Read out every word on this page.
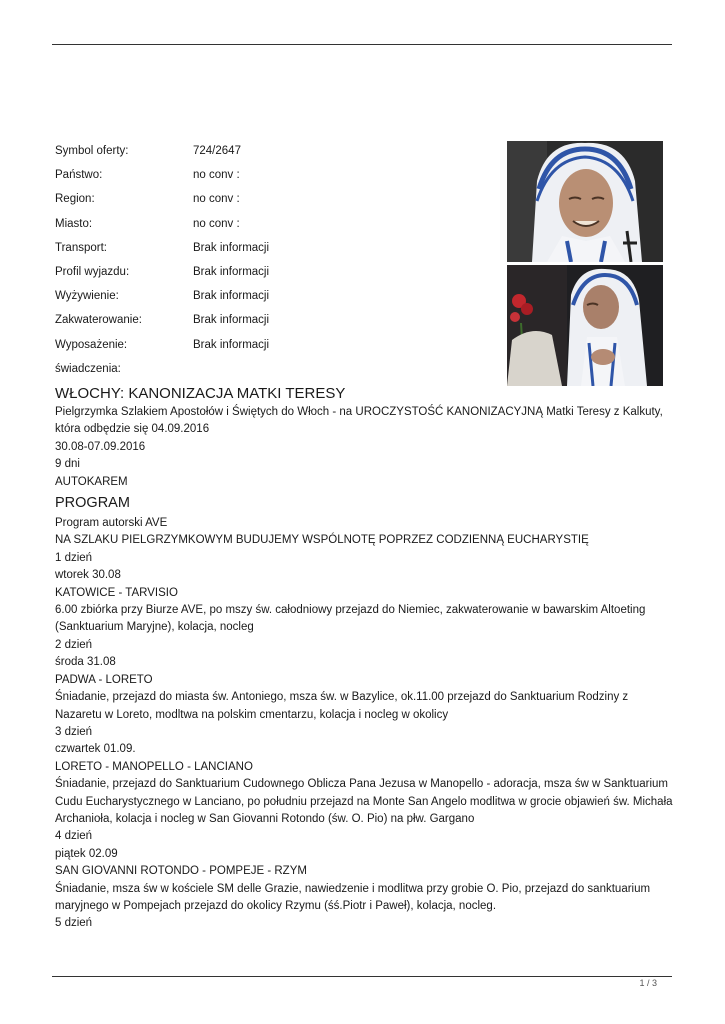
Symbol oferty:	724/2647
Państwo:	no conv :
Region:	no conv :
Miasto:	no conv :
Transport:	Brak informacji
Profil wyjazdu:	Brak informacji
Wyżywienie:	Brak informacji
Zakwaterowanie:	Brak informacji
Wyposażenie:	Brak informacji
świadczenia:
WŁOCHY: KANONIZACJA MATKI TERESY

Pielgrzymka Szlakiem Apostołów i Świętych do Włoch - na UROCZYSTOŚĆ KANONIZACYJNĄ Matki Teresy z Kalkuty, która odbędzie się 04.09.2016

30.08-07.09.2016

9 dni

AUTOKAREM

PROGRAM

Program autorski AVE

NA SZLAKU PIELGRZYMKOWYM BUDUJEMY WSPÓLNOTĘ POPRZEZ CODZIENNĄ EUCHARYSTIĘ

1 dzień

wtorek 30.08

KATOWICE - TARVISIO

6.00 zbiórka przy Biurze AVE, po mszy św. całodniowy przejazd do Niemiec, zakwaterowanie w bawarskim Altoeting (Sanktuarium Maryjne), kolacja, nocleg

2 dzień

środa 31.08

PADWA - LORETO

Śniadanie, przejazd do miasta św. Antoniego, msza św. w Bazylice, ok.11.00 przejazd do Sanktuarium Rodziny z Nazaretu w Loreto, modltwa na polskim cmentarzu, kolacja i nocleg w okolicy

3 dzień

czwartek 01.09.

LORETO - MANOPELLO - LANCIANO

Śniadanie, przejazd do Sanktuarium Cudownego Oblicza Pana Jezusa w Manopello - adoracja, msza św w Sanktuarium Cudu Eucharystycznego w Lanciano, po południu przejazd na Monte San Angelo modlitwa w grocie objawień św. Michała Archanioła, kolacja i nocleg w San Giovanni Rotondo (św. O. Pio) na płw. Gargano

4 dzień

piątek 02.09

SAN GIOVANNI ROTONDO - POMPEJE - RZYM

Śniadanie, msza św w kościele SM delle Grazie, nawiedzenie i modlitwa przy grobie O. Pio, przejazd do sanktuarium maryjnego w Pompejach przejazd do okolicy Rzymu (śś.Piotr i Paweł), kolacja, nocleg.

5 dzień

1 / 3
